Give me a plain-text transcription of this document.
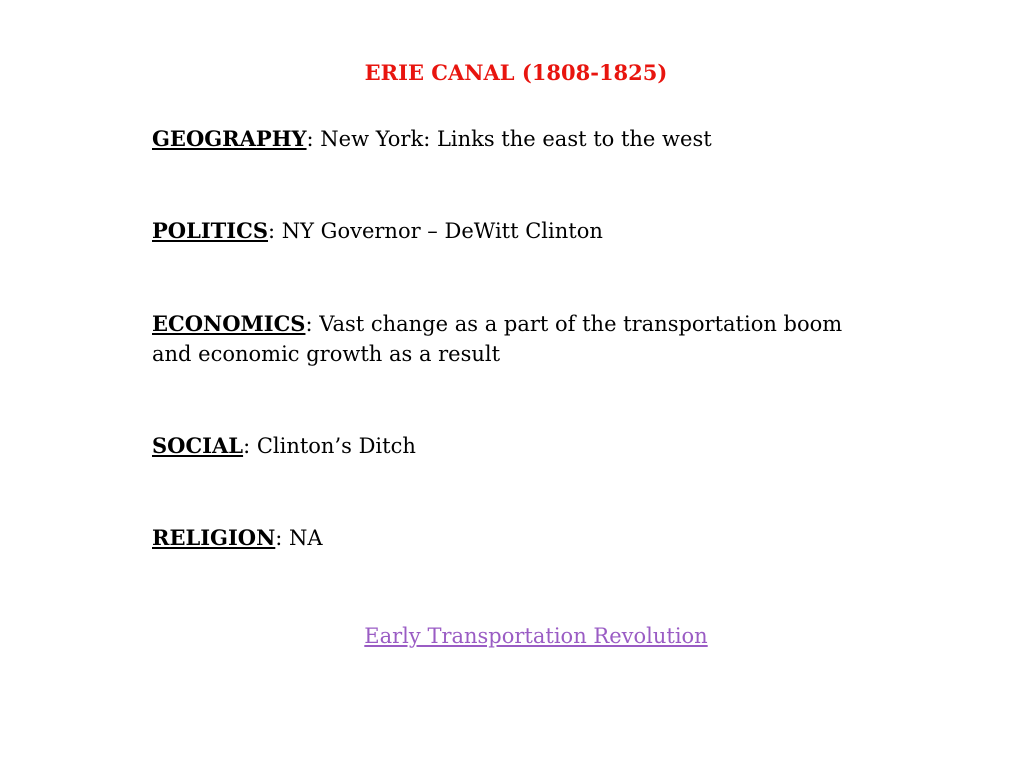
ERIE CANAL (1808-1825)
GEOGRAPHY: New York: Links the east to the west
POLITICS: NY Governor – DeWitt Clinton
ECONOMICS: Vast change as a part of the transportation boom and economic growth as a result
SOCIAL: Clinton’s Ditch
RELIGION: NA
Early Transportation Revolution
